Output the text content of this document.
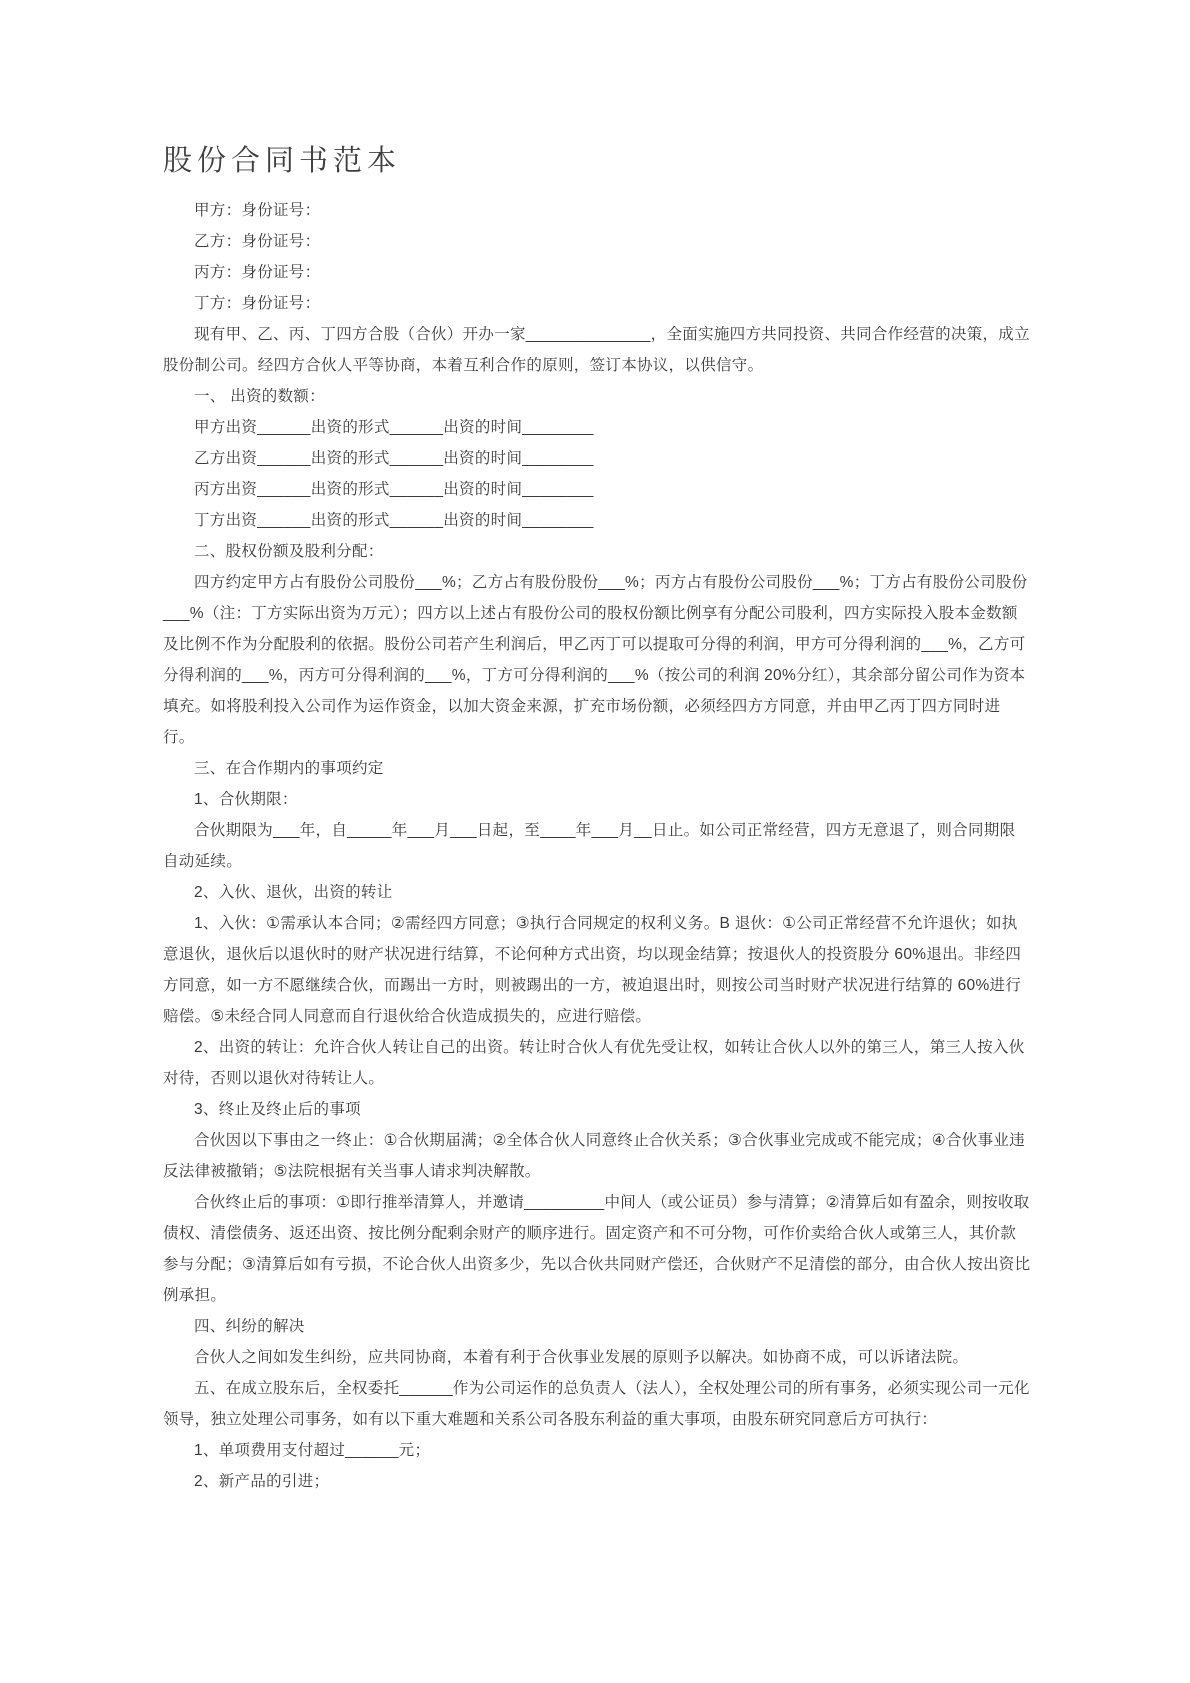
股份合同书范本

甲方：身份证号：

乙方：身份证号：

丙方：身份证号：

丁方：身份证号：

现有甲、乙、丙、丁四方合股（合伙）开办一家______________，全面实施四方共同投资、共同合作经营的决策，成立股份制公司。经四方合伙人平等协商，本着互利合作的原则，签订本协议，以供信守。

一、 出资的数额：

甲方出资______出资的形式______出资的时间________

乙方出资______出资的形式______出资的时间________

丙方出资______出资的形式______出资的时间________

丁方出资______出资的形式______出资的时间________

二、股权份额及股利分配：

四方约定甲方占有股份公司股份___%；乙方占有股份股份___%；丙方占有股份公司股份___%；丁方占有股份公司股份___%（注：丁方实际出资为万元）；四方以上述占有股份公司的股权份额比例享有分配公司股利，四方实际投入股本金数额及比例不作为分配股利的依据。股份公司若产生利润后，甲乙丙丁可以提取可分得的利润，甲方可分得利润的___%，乙方可分得利润的___%，丙方可分得利润的___%，丁方可分得利润的___%（按公司的利润 20%分红），其余部分留公司作为资本填充。如将股利投入公司作为运作资金，以加大资金来源，扩充市场份额，必须经四方方同意，并由甲乙丙丁四方同时进行。

三、在合作期内的事项约定

1、合伙期限：

合伙期限为___年，自_____年___月___日起，至____年___月__日止。如公司正常经营，四方无意退了，则合同期限自动延续。

2、入伙、退伙，出资的转让

1、入伙：①需承认本合同；②需经四方同意；③执行合同规定的权利义务。B 退伙：①公司正常经营不允许退伙；如执意退伙，退伙后以退伙时的财产状况进行结算，不论何种方式出资，均以现金结算；按退伙人的投资股分 60%退出。非经四方同意，如一方不愿继续合伙，而踢出一方时，则被踢出的一方，被迫退出时，则按公司当时财产状况进行结算的 60%进行赔偿。⑤未经合同人同意而自行退伙给合伙造成损失的，应进行赔偿。

2、出资的转让：允许合伙人转让自己的出资。转让时合伙人有优先受让权，如转让合伙人以外的第三人，第三人按入伙对待，否则以退伙对待转让人。

3、终止及终止后的事项

合伙因以下事由之一终止：①合伙期届满；②全体合伙人同意终止合伙关系；③合伙事业完成或不能完成；④合伙事业违反法律被撤销；⑤法院根据有关当事人请求判决解散。

合伙终止后的事项：①即行推举清算人，并邀请_________中间人（或公证员）参与清算；②清算后如有盈余，则按收取债权、清偿债务、返还出资、按比例分配剩余财产的顺序进行。固定资产和不可分物，可作价卖给合伙人或第三人，其价款参与分配；③清算后如有亏损，不论合伙人出资多少，先以合伙共同财产偿还，合伙财产不足清偿的部分，由合伙人按出资比例承担。

四、纠纷的解决

合伙人之间如发生纠纷，应共同协商，本着有利于合伙事业发展的原则予以解决。如协商不成，可以诉诸法院。

五、在成立股东后，全权委托______作为公司运作的总负责人（法人），全权处理公司的所有事务，必须实现公司一元化领导，独立处理公司事务，如有以下重大难题和关系公司各股东利益的重大事项，由股东研究同意后方可执行：

1、单项费用支付超过______元；

2、新产品的引进；
